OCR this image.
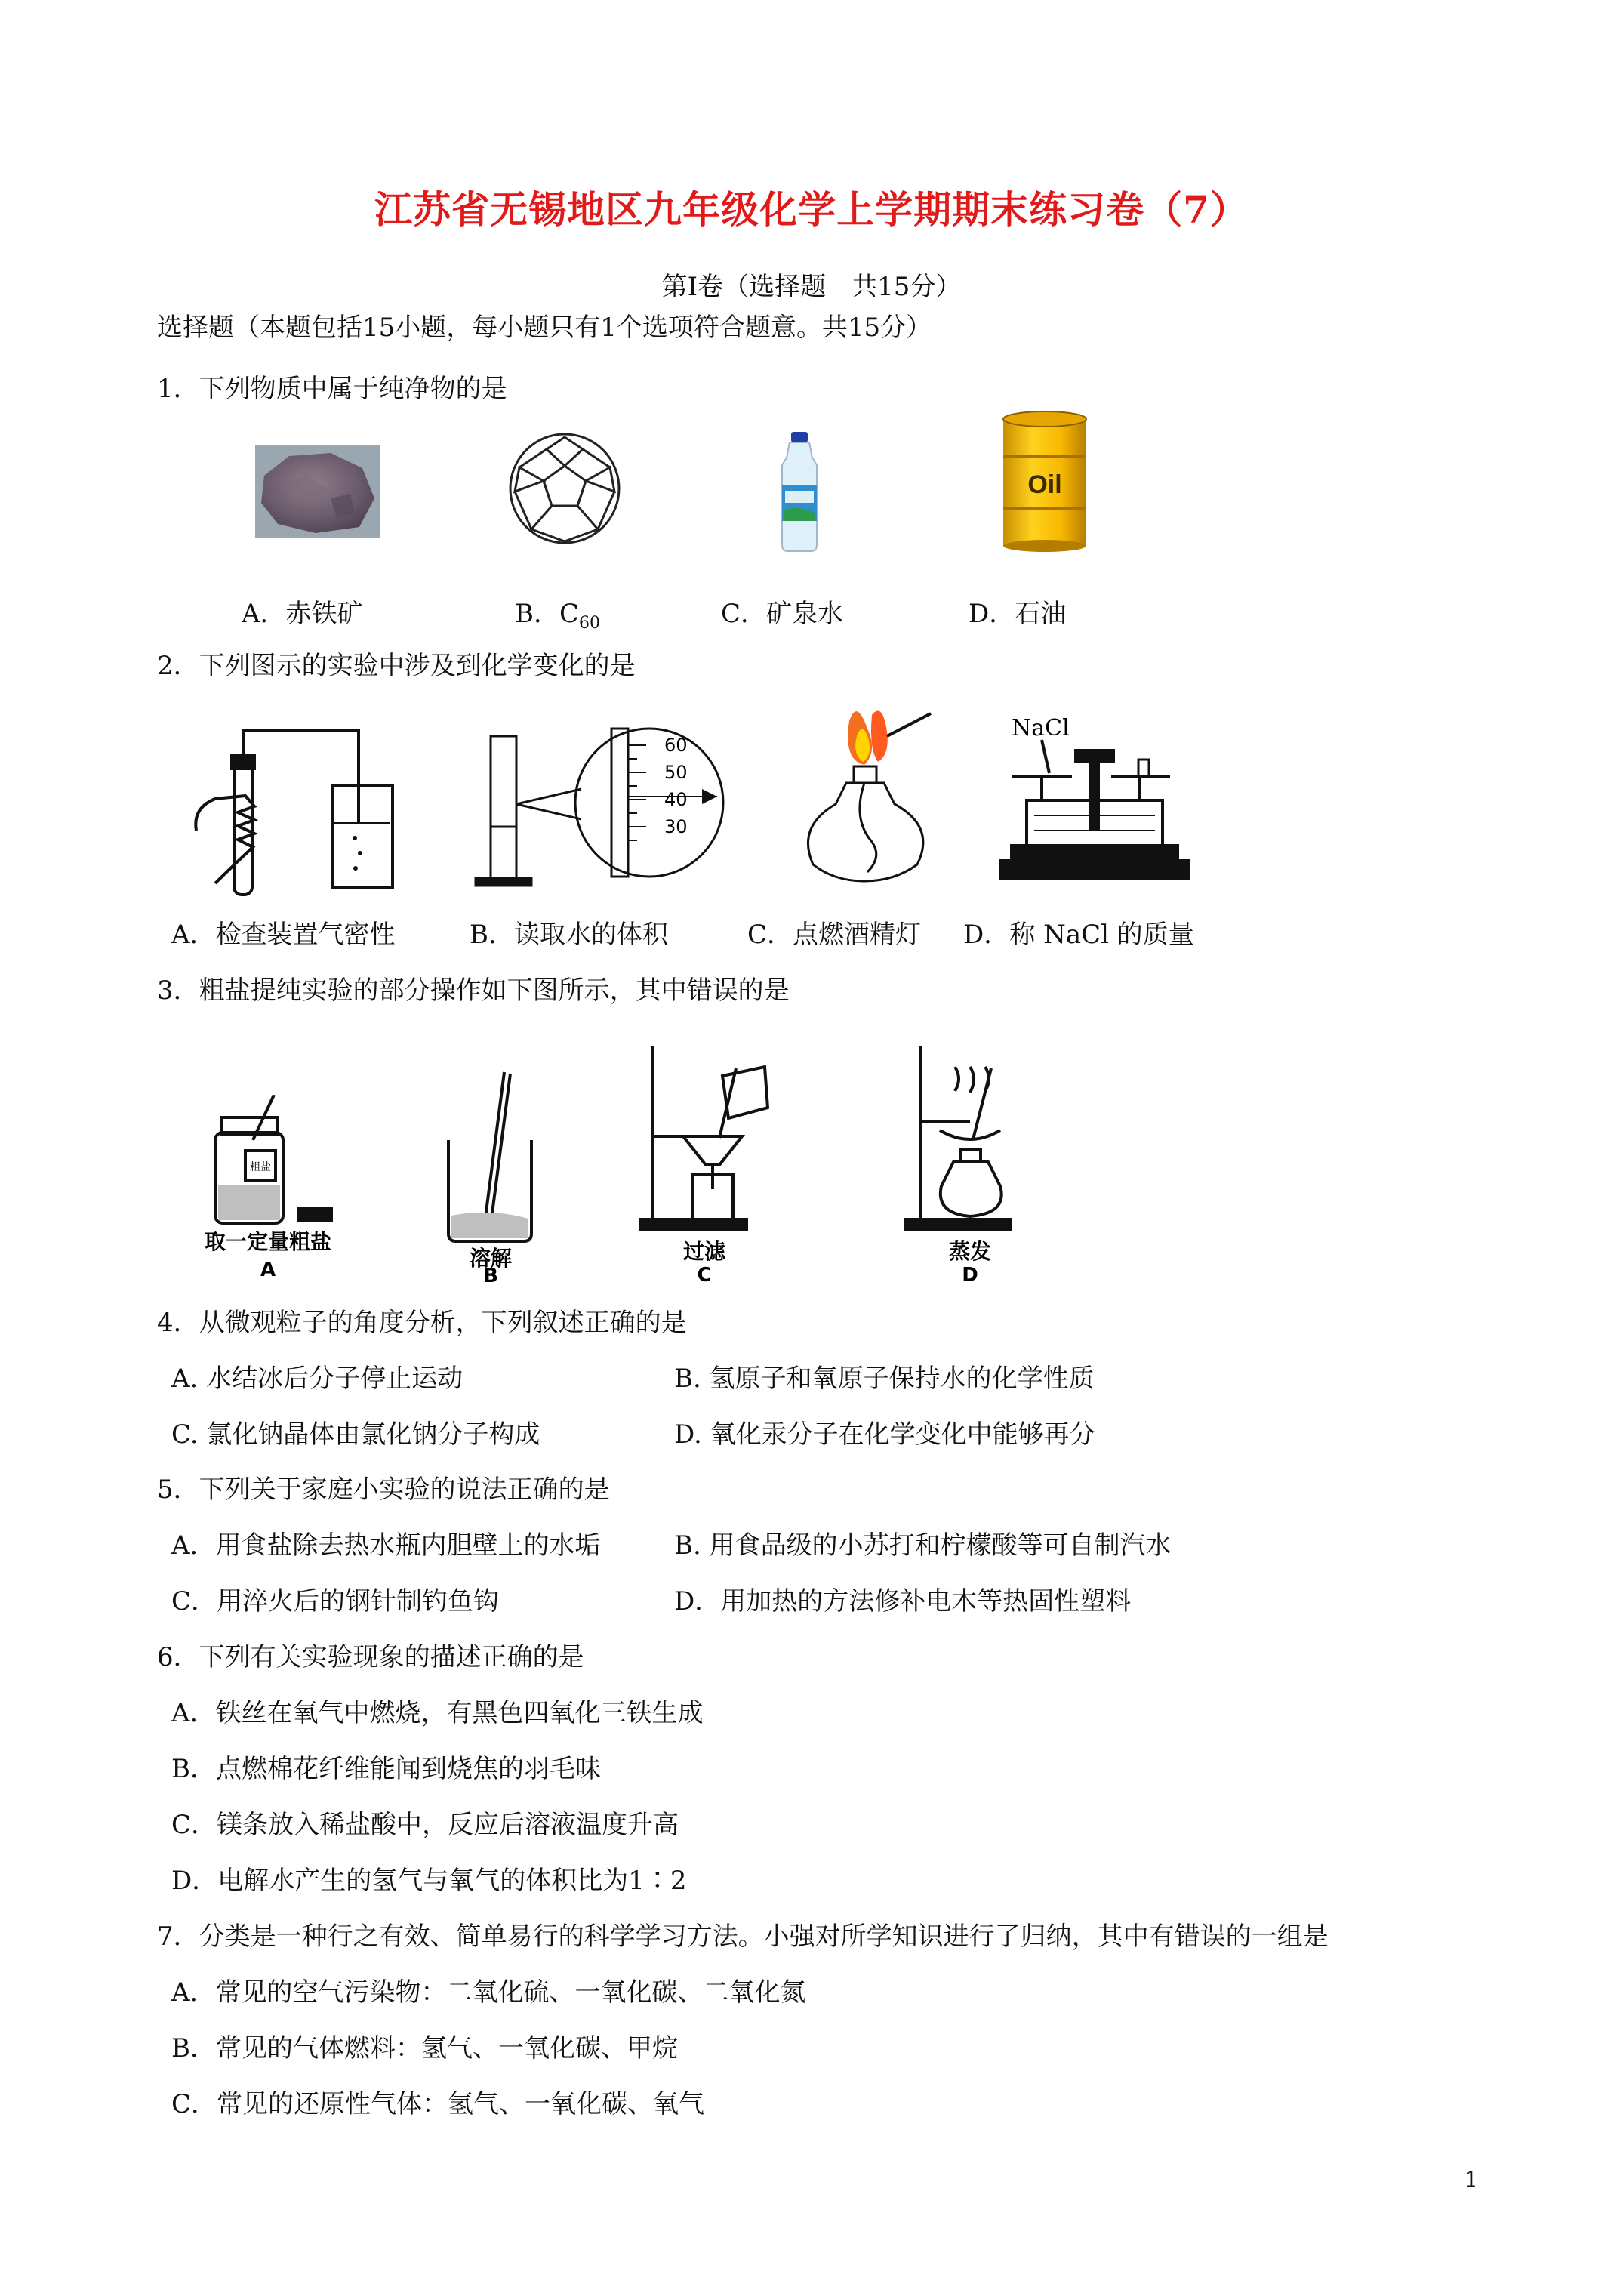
江苏省无锡地区九年级化学上学期期末练习卷（7）
第Ⅰ卷（选择题　共15分）
选择题（本题包括15小题，每小题只有1个选项符合题意。共15分）
1．下列物质中属于纯净物的是
Oil
A．赤铁矿	B．$C_{60}$	C．矿泉水	D．石油
2．下列图示的实验中涉及到化学变化的是
60
50
40
30
NaCl
A．检查装置气密性	B．读取水的体积	C．点燃酒精灯 D．称 NaCl 的质量
3．粗盐提纯实验的部分操作如下图所示，其中错误的是
粗盐
取一定量粗盐
A	溶解
B
过滤
C
蒸发
D
4．从微观粒子的角度分析，下列叙述正确的是
A. 水结冰后分子停止运动	B. 氢原子和氧原子保持水的化学性质
C. 氯化钠晶体由氯化钠分子构成	D. 氧化汞分子在化学变化中能够再分
5．下列关于家庭小实验的说法正确的是
A．用食盐除去热水瓶内胆壁上的水垢	B. 用食品级的小苏打和柠檬酸等可自制汽水
C．用淬火后的钢针制钓鱼钩	D．用加热的方法修补电木等热固性塑料
6．下列有关实验现象的描述正确的是
A．铁丝在氧气中燃烧，有黑色四氧化三铁生成
B．点燃棉花纤维能闻到烧焦的羽毛味
C．镁条放入稀盐酸中，反应后溶液温度升高
D．电解水产生的氢气与氧气的体积比为1∶2
7．分类是一种行之有效、简单易行的科学学习方法。小强对所学知识进行了归纳，其中有错误的一组是
A．常见的空气污染物：二氧化硫、一氧化碳、二氧化氮
B．常见的气体燃料：氢气、一氧化碳、甲烷
C．常见的还原性气体：氢气、一氧化碳、氧气
1
